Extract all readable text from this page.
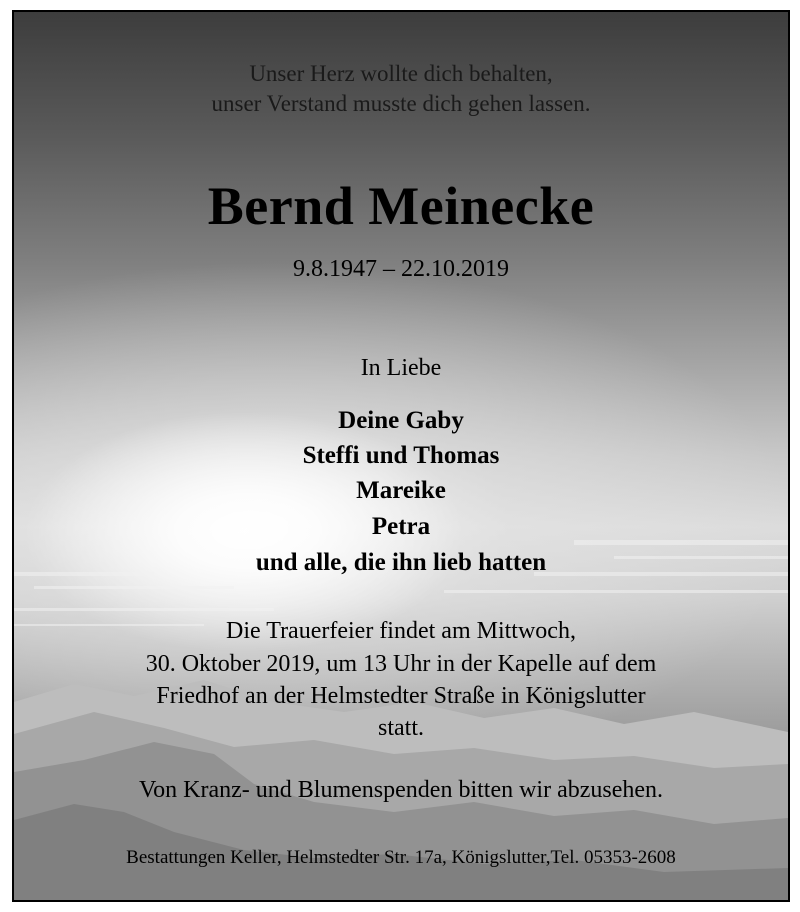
Unser Herz wollte dich behalten,
unser Verstand musste dich gehen lassen.
Bernd Meinecke
9.8.1947 – 22.10.2019
In Liebe
Deine Gaby
Steffi und Thomas
Mareike
Petra
und alle, die ihn lieb hatten
Die Trauerfeier findet am Mittwoch,
30. Oktober 2019, um 13 Uhr in der Kapelle auf dem
Friedhof an der Helmstedter Straße in Königslutter
statt.
Von Kranz- und Blumenspenden bitten wir abzusehen.
Bestattungen Keller, Helmstedter Str. 17a, Königslutter,Tel. 05353-2608
